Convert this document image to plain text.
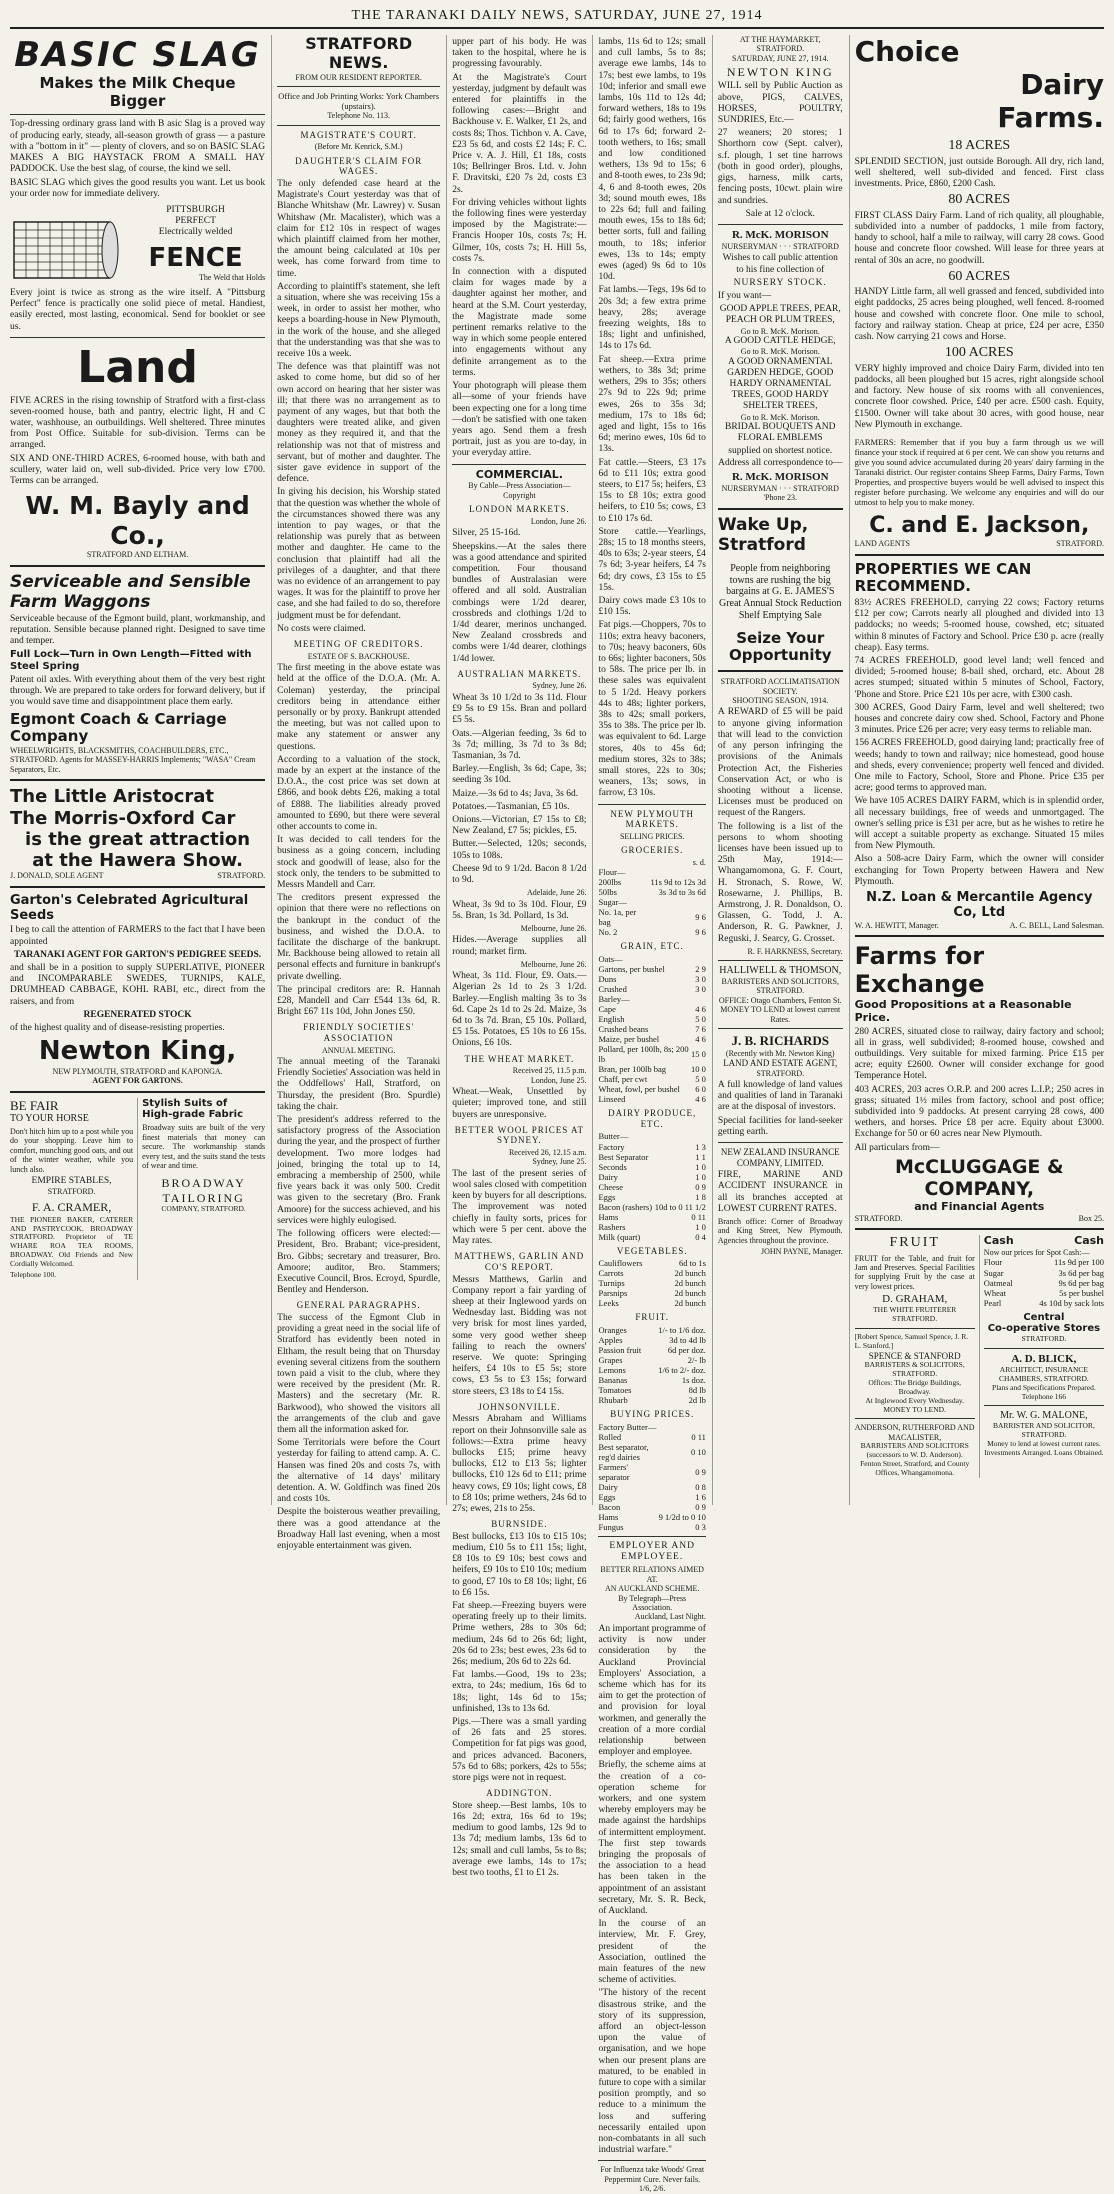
THE TARANAKI DAILY NEWS, SATURDAY, JUNE 27, 1914
BASIC SLAG
Makes the Milk Cheque Bigger

Top-dressing ordinary grass land with B asic Slag is a proved way of producing early, steady, all-season growth of grass — a pasture with a "bottom in it" — plenty of clovers, and so on BASIC SLAG MAKES A BIG HAYSTACK FROM A SMALL HAY PADDOCK. Use the best slag, of course, the kind we sell.

BASIC SLAG which gives the good results you want. Let us book your order now for immediate delivery.

PITTSBURGH
PERFECT
Electrically welded
FENCE
The Weld that Holds

Every joint is twice as strong as the wire itself. A "Pittsburg Perfect" fence is practically one solid piece of metal. Handiest, easily erected, most lasting, economical. Send for booklet or see us.

Land

FIVE ACRES in the rising township of Stratford with a first-class seven-roomed house, bath and pantry, electric light, H and C water, washhouse, an outbuildings. Well sheltered. Three minutes from Post Office. Suitable for sub-division. Terms can be arranged.

SIX AND ONE-THIRD ACRES, 6-roomed house, with bath and scullery, water laid on, well sub-divided. Price very low £700. Terms can be arranged.

W. M. Bayly and Co.,
STRATFORD AND ELTHAM.
Serviceable and Sensible
Farm Waggons

Serviceable because of the Egmont build, plant, workmanship, and reputation. Sensible because planned right. Designed to save time and temper.

Full Lock—Turn in Own Length—Fitted with Steel Spring

Patent oil axles. With everything about them of the very best right through. We are prepared to take orders for forward delivery, but if you would save time and disappointment place them early.

Egmont Coach & Carriage Company
WHEELWRIGHTS, BLACKSMITHS, COACHBUILDERS, ETC., STRATFORD. Agents for MASSEY-HARRIS Implements; "WASA" Cream Separators, Etc.
The Little Aristocrat
The Morris-Oxford Car
is the great attraction
at the Hawera Show.
J. DONALD, SOLE AGENT	STRATFORD.
Garton's Celebrated Agricultural
Seeds

I beg to call the attention of FARMERS to the fact that I have been appointed

TARANAKI AGENT FOR GARTON'S PEDIGREE SEEDS.

and shall be in a position to supply SUPERLATIVE, PIONEER and INCOMPARABLE SWEDES, TURNIPS, KALE, DRUMHEAD CABBAGE, KOHL RABI, etc., direct from the raisers, and from

REGENERATED STOCK

of the highest quality and of disease-resisting properties.

Newton King,
NEW PLYMOUTH, STRATFORD and KAPONGA.
AGENT FOR GARTONS.
BE FAIR
TO YOUR HORSE

Don't hitch him up to a post while you do your shopping. Leave him to comfort, munching good oats, and out of the winter weather, while you lunch also.

EMPIRE STABLES,
STRATFORD.
F. A. CRAMER,

THE PIONEER BAKER, CATERER AND PASTRYCOOK. BROADWAY STRATFORD. Proprietor of TE WHARE ROA TEA ROOMS, BROADWAY. Old Friends and New Cordially Welcomed.

Telephone 100.
Stylish Suits of
High-grade Fabric

Broadway suits are built of the very finest materials that money can secure. The workmanship stands every test, and the suits stand the tests of wear and time.

BROADWAY
TAILORING
COMPANY, STRATFORD.
STRATFORD NEWS.
FROM OUR RESIDENT REPORTER.
Office and Job Printing Works: York Chambers (upstairs).
Telephone No. 113.
MAGISTRATE'S COURT.
(Before Mr. Kenrick, S.M.)
DAUGHTER'S CLAIM FOR WAGES.

The only defended case heard at the Magistrate's Court yesterday was that of Blanche Whitshaw (Mr. Lawrey) v. Susan Whitshaw (Mr. Macalister), which was a claim for £12 10s in respect of wages which plaintiff claimed from her mother, the amount being calculated at 10s per week, has come forward from time to time.

According to plaintiff's statement, she left a situation, where she was receiving 15s a week, in order to assist her mother, who keeps a boarding-house in New Plymouth, in the work of the house, and she alleged that the understanding was that she was to receive 10s a week.

The defence was that plaintiff was not asked to come home, but did so of her own accord on hearing that her sister was ill; that there was no arrangement as to payment of any wages, but that both the daughters were treated alike, and given money as they required it, and that the relationship was not that of mistress and servant, but of mother and daughter. The sister gave evidence in support of the defence.

In giving his decision, his Worship stated that the question was whether the whole of the circumstances showed there was any intention to pay wages, or that the relationship was purely that as between mother and daughter. He came to the conclusion that plaintiff had all the privileges of a daughter, and that there was no evidence of an arrangement to pay wages. It was for the plaintiff to prove her case, and she had failed to do so, therefore judgment must be for defendant.

No costs were claimed.

MEETING OF CREDITORS.
ESTATE OF S. BACKHOUSE.

The first meeting in the above estate was held at the office of the D.O.A. (Mr. A. Coleman) yesterday, the principal creditors being in attendance either personally or by proxy. Bankrupt attended the meeting, but was not called upon to make any statement or answer any questions.

According to a valuation of the stock, made by an expert at the instance of the D.O.A., the cost price was set down at £866, and book debts £26, making a total of £888. The liabilities already proved amounted to £690, but there were several other accounts to come in.

It was decided to call tenders for the business as a going concern, including stock and goodwill of lease, also for the stock only, the tenders to be submitted to Messrs Mandell and Carr.

The creditors present expressed the opinion that there were no reflections on the bankrupt in the conduct of the business, and wished the D.O.A. to facilitate the discharge of the bankrupt. Mr. Backhouse being allowed to retain all personal effects and furniture in bankrupt's private dwelling.

The principal creditors are: R. Hannah £28, Mandell and Carr £544 13s 6d, R. Bright £67 11s 10d, John Jones £50.

FRIENDLY SOCIETIES' ASSOCIATION
ANNUAL MEETING.

The annual meeting of the Taranaki Friendly Societies' Association was held in the Oddfellows' Hall, Stratford, on Thursday, the president (Bro. Spurdle) taking the chair.

The president's address referred to the satisfactory progress of the Association during the year, and the prospect of further development. Two more lodges had joined, bringing the total up to 14, embracing a membership of 2500, while five years back it was only 500. Credit was given to the secretary (Bro. Frank Amoore) for the success achieved, and his services were highly eulogised.

The following officers were elected:— President, Bro. Brabant; vice-president, Bro. Gibbs; secretary and treasurer, Bro. Amoore; auditor, Bro. Stammers; Executive Council, Bros. Ecroyd, Spurdle, Bentley and Henderson.

GENERAL PARAGRAPHS.

The success of the Egmont Club in providing a great need in the social life of Stratford has evidently been noted in Eltham, the result being that on Thursday evening several citizens from the southern town paid a visit to the club, where they were received by the president (Mr. R. Masters) and the secretary (Mr. R. Barkwood), who showed the visitors all the arrangements of the club and gave them all the information asked for.

Some Territorials were before the Court yesterday for failing to attend camp. A. C. Hansen was fined 20s and costs 7s, with the alternative of 14 days' military detention. A. W. Goldfinch was fined 20s and costs 10s.

Despite the boisterous weather prevailing, there was a good attendance at the Broadway Hall last evening, when a most enjoyable entertainment was given.

upper part of his body. He was taken to the hospital, where he is progressing favourably.

At the Magistrate's Court yesterday, judgment by default was entered for plaintiffs in the following cases:—Bright and Backhouse v. E. Walker, £1 2s, and costs 8s; Thos. Tichbon v. A. Cave, £23 5s 6d, and costs £2 14s; F. C. Price v. A. J. Hill, £1 18s, costs 10s; Bellringer Bros. Ltd. v. John F. Dravitski, £20 7s 2d, costs £3 2s.

For driving vehicles without lights the following fines were yesterday imposed by the Magistrate:—Francis Hooper 10s, costs 7s; H. Gilmer, 10s, costs 7s; H. Hill 5s, costs 7s.

In connection with a disputed claim for wages made by a daughter against her mother, and heard at the S.M. Court yesterday, the Magistrate made some pertinent remarks relative to the way in which some people entered into engagements without any definite arrangement as to the terms.

Your photograph will please them all—some of your friends have been expecting one for a long time—don't be satisfied with one taken years ago. Send them a fresh portrait, just as you are to-day, in your everyday attire.

COMMERCIAL.
By Cable—Press Association—Copyright
LONDON MARKETS.
London, June 26.

Silver, 25 15-16d.

Sheepskins.—At the sales there was a good attendance and spirited competition. Four thousand bundles of Australasian were offered and all sold. Australian combings were 1/2d dearer, crossbreds and clothings 1/2d to 1/4d dearer, merinos unchanged. New Zealand crossbreds and combs were 1/4d dearer, clothings 1/4d lower.

AUSTRALIAN MARKETS.
Sydney, June 26.

Wheat 3s 10 1/2d to 3s 11d. Flour £9 5s to £9 15s. Bran and pollard £5 5s.

Oats.—Algerian feeding, 3s 6d to 3s 7d; milling, 3s 7d to 3s 8d; Tasmanian, 3s 7d.

Barley.—English, 3s 6d; Cape, 3s; seeding 3s 10d.

Maize.—3s 6d to 4s; Java, 3s 6d.

Potatoes.—Tasmanian, £5 10s.

Onions.—Victorian, £7 15s to £8; New Zealand, £7 5s; pickles, £5.

Butter.—Selected, 120s; seconds, 105s to 108s.

Cheese 9d to 9 1/2d. Bacon 8 1/2d to 9d.

Adelaide, June 26.

Wheat, 3s 9d to 3s 10d. Flour, £9 5s. Bran, 1s 3d. Pollard, 1s 3d.

Melbourne, June 26.

Hides.—Average supplies all round; market firm.

Melbourne, June 26.

Wheat, 3s 11d. Flour, £9. Oats.—Algerian 2s 1d to 2s 3 1/2d. Barley.—English malting 3s to 3s 6d. Cape 2s 1d to 2s 2d. Maize, 3s 6d to 3s 7d. Bran, £5 10s. Pollard, £5 15s. Potatoes, £5 10s to £6 15s. Onions, £6 10s.

THE WHEAT MARKET.
Received 25, 11.5 p.m.
London, June 25.

Wheat.—Weak, Unsettled by quieter; improved tone, and still buyers are unresponsive.

BETTER WOOL PRICES AT SYDNEY.
Received 26, 12.15 a.m.
Sydney, June 25.

The last of the present series of wool sales closed with competition keen by buyers for all descriptions. The improvement was noted chiefly in faulty sorts, prices for which were 5 per cent. above the May rates.

MATTHEWS, GARLIN AND CO'S REPORT.

Messrs Matthews, Garlin and Company report a fair yarding of sheep at their Inglewood yards on Wednesday last. Bidding was not very brisk for most lines yarded, some very good wether sheep failing to reach the owners' reserve. We quote: Springing heifers, £4 10s to £5 5s; store cows, £3 5s to £3 15s; forward store steers, £3 18s to £4 15s.

JOHNSONVILLE.

Messrs Abraham and Williams report on their Johnsonville sale as follows:—Extra prime heavy bullocks £15; prime heavy bullocks, £12 to £13 5s; lighter bullocks, £10 12s 6d to £11; prime heavy cows, £9 10s; light cows, £8 to £8 10s; prime wethers, 24s 6d to 27s; ewes, 21s to 25s.

BURNSIDE.

Best bullocks, £13 10s to £15 10s; medium, £10 5s to £11 15s; light, £8 10s to £9 10s; best cows and heifers, £9 10s to £10 10s; medium to good, £7 10s to £8 10s; light, £6 to £6 15s.

Fat sheep.—Freezing buyers were operating freely up to their limits. Prime wethers, 28s to 30s 6d; medium, 24s 6d to 26s 6d; light, 20s 6d to 23s; best ewes, 23s 6d to 26s; medium, 20s 6d to 22s 6d.

Fat lambs.—Good, 19s to 23s; extra, to 24s; medium, 16s 6d to 18s; light, 14s 6d to 15s; unfinished, 13s to 13s 6d.

Pigs.—There was a small yarding of 26 fats and 25 stores. Competition for fat pigs was good, and prices advanced. Baconers, 57s 6d to 68s; porkers, 42s to 55s; store pigs were not in request.

ADDINGTON.

Store sheep.—Best lambs, 10s to 16s 2d; extra, 16s 6d to 19s; medium to good lambs, 12s 9d to 13s 7d; medium lambs, 13s 6d to 12s; small and cull lambs, 5s to 8s; average ewe lambs, 14s to 17s; best two tooths, £1 to £1 2s.

lambs, 11s 6d to 12s; small and cull lambs, 5s to 8s; average ewe lambs, 14s to 17s; best ewe lambs, to 19s 10d; inferior and small ewe lambs, 10s 11d to 12s 4d; forward wethers, 18s to 19s 6d; fairly good wethers, 16s 6d to 17s 6d; forward 2-tooth wethers, to 16s; small and low conditioned wethers, 13s 9d to 15s; 6 and 8-tooth ewes, to 23s 9d; 4, 6 and 8-tooth ewes, 20s 3d; sound mouth ewes, 18s to 22s 6d; full and failing mouth ewes, 15s to 18s 6d; better sorts, full and failing mouth, to 18s; inferior ewes, 13s to 14s; empty ewes (aged) 9s 6d to 10s 10d.

Fat lambs.—Tegs, 19s 6d to 20s 3d; a few extra prime heavy, 28s; average freezing weights, 18s to 18s; light and unfinished, 14s to 17s 6d.

Fat sheep.—Extra prime wethers, to 38s 3d; prime wethers, 29s to 35s; others 27s 9d to 22s 9d; prime ewes, 26s to 35s 3d; medium, 17s to 18s 6d; aged and light, 15s to 16s 6d; merino ewes, 10s 6d to 13s.

Fat cattle.—Steers, £3 17s 6d to £11 10s; extra good steers, to £17 5s; heifers, £3 15s to £8 10s; extra good heifers, to £10 5s; cows, £3 to £10 17s 6d.

Store cattle.—Yearlings, 28s; 15 to 18 months steers, 40s to 63s; 2-year steers, £4 7s 6d; 3-year heifers, £4 7s 6d; dry cows, £3 15s to £5 15s.

Dairy cows made £3 10s to £10 15s.

Fat pigs.—Choppers, 70s to 110s; extra heavy baconers, to 70s; heavy baconers, 60s to 66s; lighter baconers, 50s to 58s. The price per lb. in these sales was equivalent to 5 1/2d. Heavy porkers 44s to 48s; lighter porkers, 38s to 42s; small porkers, 35s to 38s. The price per lb. was equivalent to 6d. Large stores, 40s to 45s 6d; medium stores, 32s to 38s; small stores, 22s to 30s; weaners, 13s; sows, in farrow, £3 10s.

NEW PLYMOUTH MARKETS.
SELLING PRICES.
GROCERIES.
s. d.
Flour—	
200lbs	11s 9d to 12s 3d
50lbs	3s 3d to 3s 6d
Sugar—	
No. 1a, per bag	9 6
No. 2	9 6
GRAIN, ETC.
Oats—	
Gartons, per bushel	2 9
Duns	3 0
Crushed	3 0
Barley—	
Cape	4 6
English	5 0
Crushed beans	7 6
Maize, per bushel	4 6
Pollard, per 100lb, 8s; 200 lb	15 0
Bran, per 100lb bag	10 0
Chaff, per cwt	5 0
Wheat, fowl, per bushel	6 0
Linseed	4 6
DAIRY PRODUCE, ETC.
Butter—	
Factory	1 3
Best Separator	1 1
Seconds	1 0
Dairy	1 0
Cheese	0 9
Eggs	1 8
Bacon (rashers)	10d to 0 11 1/2
Hams	0 11
Rashers	1 0
Milk (quart)	0 4
VEGETABLES.
Cauliflowers	6d to 1s
Carrots	2d bunch
Turnips	2d bunch
Parsnips	2d bunch
Leeks	2d bunch
FRUIT.
Oranges	1/- to 1/6 doz.
Apples	3d to 4d lb
Passion fruit	6d per doz.
Grapes	2/- lb
Lemons	1/6 to 2/- doz.
Bananas	1s doz.
Tomatoes	8d lb
Rhubarb	2d lb
BUYING PRICES.
Factory Butter—	
Rolled	0 11
Best separator, reg'd dairies	0 10
Farmers' separator	0 9
Dairy	0 8
Eggs	1 6
Bacon	0 9
Hams	9 1/2d to 0 10
Fungus	0 3
EMPLOYER AND EMPLOYEE.
BETTER RELATIONS AIMED AT.
AN AUCKLAND SCHEME.
By Telegraph—Press Association.
Auckland, Last Night.

An important programme of activity is now under consideration by the Auckland Provincial Employers' Association, a scheme which has for its aim to get the protection of and provision for loyal workmen, and generally the creation of a more cordial relationship between employer and employee.

Briefly, the scheme aims at the creation of a co-operation scheme for workers, and one system whereby employers may be made against the hardships of intermittent employment. The first step towards bringing the proposals of the association to a head has been taken in the appointment of an assistant secretary, Mr. S. R. Beck, of Auckland.

In the course of an interview, Mr. F. Grey, president of the Association, outlined the main features of the new scheme of activities.

"The history of the recent disastrous strike, and the story of its suppression, afford an object-lesson upon the value of organisation, and we hope when our present plans are matured, to be enabled in future to cope with a similar position promptly, and so reduce to a minimum the loss and suffering necessarily entailed upon non-combatants in all such industrial warfare."

For Influenza take Woods' Great Peppermint Cure. Never fails. 1/6, 2/6.
AT THE HAYMARKET, STRATFORD.
SATURDAY, JUNE 27, 1914.
NEWTON KING

WILL sell by Public Auction as above, PIGS, CALVES, HORSES, POULTRY, SUNDRIES, Etc.—

27 weaners; 20 stores; 1 Shorthorn cow (Sept. calver), s.f. plough, 1 set tine harrows (both in good order), ploughs, gigs, harness, milk carts, fencing posts, 10cwt. plain wire and sundries.

Sale at 12 o'clock.
R. McK. MORISON
NURSERYMAN · · · STRATFORD

Wishes to call public attention to his fine collection of

NURSERY STOCK.

If you want—

GOOD APPLE TREES, PEAR, PEACH OR PLUM TREES,
Go to R. McK. Morison.
A GOOD CATTLE HEDGE,
Go to R. McK. Morison.
A GOOD ORNAMENTAL GARDEN HEDGE, GOOD HARDY ORNAMENTAL TREES, GOOD HARDY SHELTER TREES,
Go to R. McK. Morison.
BRIDAL BOUQUETS AND FLORAL EMBLEMS

supplied on shortest notice. Address all correspondence to—

R. McK. MORISON
NURSERYMAN · · · STRATFORD
'Phone 23.
Wake Up,
Stratford

People from neighboring towns are rushing the big bargains at G. E. JAMES'S Great Annual Stock Reduction Shelf Emptying Sale

Seize Your
Opportunity
STRATFORD ACCLIMATISATION SOCIETY.
SHOOTING SEASON, 1914.

A REWARD of £5 will be paid to anyone giving information that will lead to the conviction of any person infringing the provisions of the Animals Protection Act, the Fisheries Conservation Act, or who is shooting without a license. Licenses must be produced on request of the Rangers.

The following is a list of the persons to whom shooting licenses have been issued up to 25th May, 1914:—Whangamomona, G. F. Court, H. Stronach, S. Rowe, W. Rosewarne, J. Phillips, B. Armstrong, J. R. Donaldson, O. Glassen, G. Todd, J. A. Anderson, R. G. Pawkner, J. Reguski, J. Searcy, G. Crosset.

R. F. HARKNESS, Secretary.
HALLIWELL & THOMSON,
BARRISTERS AND SOLICITORS, STRATFORD.
OFFICE: Otago Chambers, Fenton St.
MONEY TO LEND at lowest current Rates.
J. B. RICHARDS
(Recently with Mr. Newton King)
LAND AND ESTATE AGENT,
STRATFORD.

A full knowledge of land values and qualities of land in Taranaki are at the disposal of investors.

Special facilities for land-seeker getting earth.

NEW ZEALAND INSURANCE COMPANY, LIMITED.

FIRE, MARINE AND ACCIDENT INSURANCE in all its branches accepted at LOWEST CURRENT RATES.

Branch office: Corner of Broadway and King Street, New Plymouth. Agencies throughout the province.

JOHN PAYNE, Manager.
Choice
Dairy
Farms.
18 ACRES

SPLENDID SECTION, just outside Borough. All dry, rich land, well sheltered, well sub-divided and fenced. First class investments. Price, £860, £200 Cash.

80 ACRES

FIRST CLASS Dairy Farm. Land of rich quality, all ploughable, subdivided into a number of paddocks, 1 mile from factory, handy to school, half a mile to railway, will carry 28 cows. Good house and concrete floor cowshed. Will lease for three years at rental of 30s an acre, no goodwill.

60 ACRES

HANDY Little farm, all well grassed and fenced, subdivided into eight paddocks, 25 acres being ploughed, well fenced. 8-roomed house and cowshed with concrete floor. One mile to school, factory and railway station. Cheap at price, £24 per acre, £350 cash. Now carrying 21 cows and Horse.

100 ACRES

VERY highly improved and choice Dairy Farm, divided into ten paddocks, all been ploughed but 15 acres, right alongside school and factory. New house of six rooms with all conveniences, concrete floor cowshed. Price, £40 per acre. £500 cash. Equity, £1500. Owner will take about 30 acres, with good house, near New Plymouth in exchange.

FARMERS: Remember that if you buy a farm through us we will finance your stock if required at 6 per cent. We can show you returns and give you sound advice accumulated during 20 years' dairy farming in the Taranaki district. Our register contains Sheep Farms, Dairy Farms, Town Properties, and prospective buyers would be well advised to inspect this register before purchasing. We welcome any enquiries and will do our utmost to help you to make money.

C. and E. Jackson,
LAND AGENTS	STRATFORD.
PROPERTIES WE CAN RECOMMEND.

83½ ACRES FREEHOLD, carrying 22 cows; Factory returns £12 per cow; Carrots nearly all ploughed and divided into 13 paddocks; no weeds; 5-roomed house, cowshed, etc; situated within 8 minutes of Factory and School. Price £30 p. acre (really cheap). Easy terms.

74 ACRES FREEHOLD, good level land; well fenced and divided; 5-roomed house; 8-bail shed, orchard, etc. About 28 acres stumped; situated within 5 minutes of School, Factory, 'Phone and Store. Price £21 10s per acre, with £300 cash.

300 ACRES, Good Dairy Farm, level and well sheltered; two houses and concrete dairy cow shed. School, Factory and Phone 3 minutes. Price £26 per acre; very easy terms to reliable man.

156 ACRES FREEHOLD, good dairying land; practically free of weeds; handy to town and railway; nice homestead, good house and sheds, every convenience; property well fenced and divided. One mile to Factory, School, Store and Phone. Price £35 per acre; good terms to approved man.

We have 105 ACRES DAIRY FARM, which is in splendid order, all necessary buildings, free of weeds and unmortgaged. The owner's selling price is £31 per acre, but as he wishes to retire he will accept a suitable property as exchange. Situated 15 miles from New Plymouth.

Also a 508-acre Dairy Farm, which the owner will consider exchanging for Town Property between Hawera and New Plymouth.

N.Z. Loan & Mercantile Agency Co, Ltd
W. A. HEWITT, Manager.	A. C. BELL, Land Salesman.
Farms for Exchange
Good Propositions at a Reasonable Price.

280 ACRES, situated close to railway, dairy factory and school; all in grass, well subdivided; 8-roomed house, cowshed and outbuildings. Very suitable for mixed farming. Price £15 per acre; equity £2600. Owner will consider exchange for good Temperance Hotel.

403 ACRES, 203 acres O.R.P. and 200 acres L.I.P.; 250 acres in grass; situated 1½ miles from factory, school and post office; subdivided into 9 paddocks. At present carrying 28 cows, 400 wethers, and horses. Price £8 per acre. Equity about £3000. Exchange for 50 or 60 acres near New Plymouth.

All particulars from—

McCLUGGAGE & COMPANY,
and Financial Agents
STRATFORD.	Box 25.
FRUIT

FRUIT for the Table, and fruit for Jam and Preserves. Special Facilities for supplying Fruit by the case at very lowest prices.

D. GRAHAM,
THE WHITE FRUITERER
STRATFORD.
[Robert Spence, Samuel Spence, J. R. L. Stanford.]
SPENCE & STANFORD
BARRISTERS & SOLICITORS, STRATFORD.
Offices: The Bridge Buildings, Broadway.
At Inglewood Every Wednesday.
MONEY TO LEND.
ANDERSON, RUTHERFORD AND MACALISTER,
BARRISTERS AND SOLICITORS (successors to W. D. Anderson).
Fenton Street, Stratford, and County Offices, Whangamomona.
Cash	Cash
Now our prices for Spot Cash:—
Flour	11s 9d per 100
Sugar	3s 6d per bag
Oatmeal	9s 6d per bag
Wheat	5s per bushel
Pearl	4s 10d by sack lots
Central
Co-operative Stores
STRATFORD.
A. D. BLICK,
ARCHITECT, INSURANCE CHAMBERS, STRATFORD.
Plans and Specifications Prepared. Telephone 166
Mr. W. G. MALONE,
BARRISTER AND SOLICITOR, STRATFORD.
Money to lend at lowest current rates. Investments Arranged. Loans Obtained.
